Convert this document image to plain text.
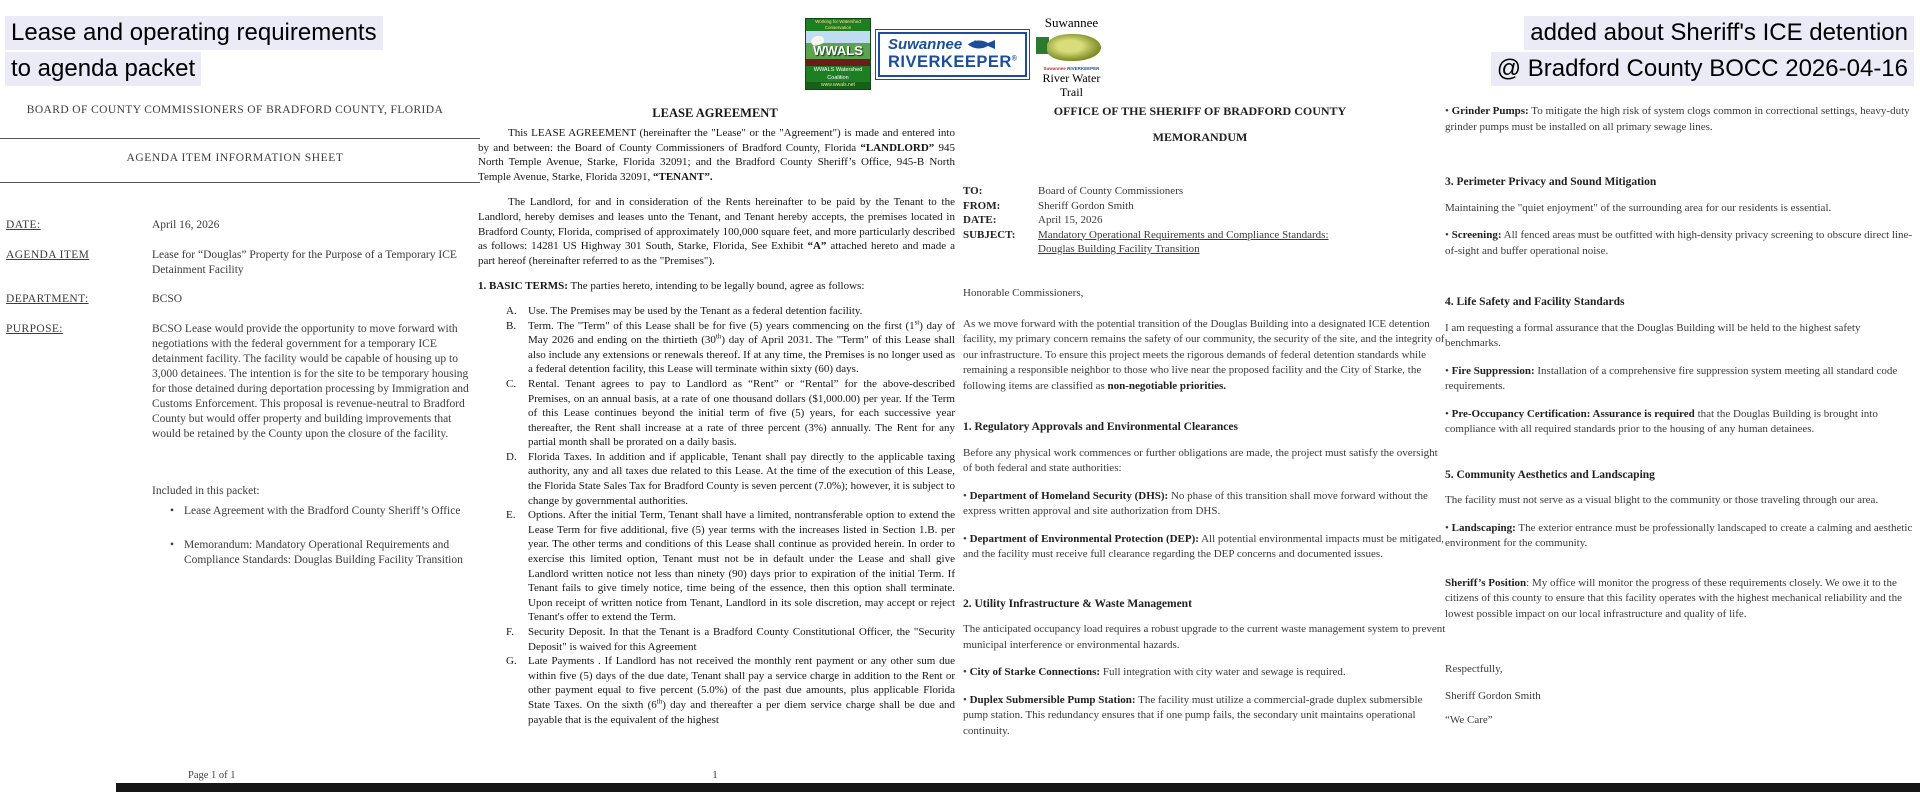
Lease and operating requirements
to agenda packet
added about Sheriff's ICE detention
@ Bradford County BOCC 2026-04-16
Working for Watershed Conservation
WWALS
WWALS Watershed Coalition
www.wwals.net
Suwannee
RIVERKEEPER®
Suwannee
Suwannee RIVERKEEPER
River Water Trail
BOARD OF COUNTY COMMISSIONERS OF BRADFORD COUNTY, FLORIDA
AGENDA ITEM INFORMATION SHEET
DATE:	April 16, 2026
AGENDA ITEM	Lease for “Douglas” Property for the Purpose of a Temporary ICE Detainment Facility
DEPARTMENT:	BCSO
PURPOSE:	BCSO Lease would provide the opportunity to move forward with negotiations with the federal government for a temporary ICE detainment facility. The facility would be capable of housing up to 3,000 detainees. The intention is for the site to be temporary housing for those detained during deportation processing by Immigration and Customs Enforcement. This proposal is revenue-neutral to Bradford County but would offer property and building improvements that would be retained by the County upon the closure of the facility.
Included in this packet:
• Lease Agreement with the Bradford County Sheriff’s Office
• Memorandum: Mandatory Operational Requirements and Compliance Standards: Douglas Building Facility Transition
Page 1 of 1
LEASE AGREEMENT

This LEASE AGREEMENT (hereinafter the "Lease" or the "Agreement") is made and entered into by and between: the Board of County Commissioners of Bradford County, Florida “LANDLORD” 945 North Temple Avenue, Starke, Florida 32091; and the Bradford County Sheriff’s Office, 945-B North Temple Avenue, Starke, Florida 32091, “TENANT”.

The Landlord, for and in consideration of the Rents hereinafter to be paid by the Tenant to the Landlord, hereby demises and leases unto the Tenant, and Tenant hereby accepts, the premises located in Bradford County, Florida, comprised of approximately 100,000 square feet, and more particularly described as follows: 14281 US Highway 301 South, Starke, Florida, See Exhibit “A” attached hereto and made a part hereof (hereinafter referred to as the "Premises").

1. BASIC TERMS: The parties hereto, intending to be legally bound, agree as follows:

A. Use. The Premises may be used by the Tenant as a federal detention facility.
B. Term. The "Term" of this Lease shall be for five (5) years commencing on the first (1st) day of May 2026 and ending on the thirtieth (30th) day of April 2031. The "Term" of this Lease shall also include any extensions or renewals thereof. If at any time, the Premises is no longer used as a federal detention facility, this Lease will terminate within sixty (60) days.
C. Rental. Tenant agrees to pay to Landlord as “Rent” or “Rental” for the above-described Premises, on an annual basis, at a rate of one thousand dollars ($1,000.00) per year. If the Term of this Lease continues beyond the initial term of five (5) years, for each successive year thereafter, the Rent shall increase at a rate of three percent (3%) annually. The Rent for any partial month shall be prorated on a daily basis.
D. Florida Taxes. In addition and if applicable, Tenant shall pay directly to the applicable taxing authority, any and all taxes due related to this Lease. At the time of the execution of this Lease, the Florida State Sales Tax for Bradford County is seven percent (7.0%); however, it is subject to change by governmental authorities.
E. Options. After the initial Term, Tenant shall have a limited, nontransferable option to extend the Lease Term for five additional, five (5) year terms with the increases listed in Section 1.B. per year. The other terms and conditions of this Lease shall continue as provided herein. In order to exercise this limited option, Tenant must not be in default under the Lease and shall give Landlord written notice not less than ninety (90) days prior to expiration of the initial Term. If Tenant fails to give timely notice, time being of the essence, then this option shall terminate. Upon receipt of written notice from Tenant, Landlord in its sole discretion, may accept or reject Tenant's offer to extend the Term.
F. Security Deposit. In that the Tenant is a Bradford County Constitutional Officer, the "Security Deposit" is waived for this Agreement
G. Late Payments . If Landlord has not received the monthly rent payment or any other sum due within five (5) days of the due date, Tenant shall pay a service charge in addition to the Rent or other payment equal to five percent (5.0%) of the past due amounts, plus applicable Florida State Taxes. On the sixth (6th) day and thereafter a per diem service charge shall be due and payable that is the equivalent of the highest
1
OFFICE OF THE SHERIFF OF BRADFORD COUNTY
MEMORANDUM
TO:	Board of County Commissioners
FROM:	Sheriff Gordon Smith
DATE:	April 15, 2026
SUBJECT: Mandatory Operational Requirements and Compliance Standards:
Douglas Building Facility Transition

Honorable Commissioners,

As we move forward with the potential transition of the Douglas Building into a designated ICE detention facility, my primary concern remains the safety of our community, the security of the site, and the integrity of our infrastructure. To ensure this project meets the rigorous demands of federal detention standards while remaining a responsible neighbor to those who live near the proposed facility and the City of Starke, the following items are classified as non-negotiable priorities.

1. Regulatory Approvals and Environmental Clearances

Before any physical work commences or further obligations are made, the project must satisfy the oversight of both federal and state authorities:

• Department of Homeland Security (DHS): No phase of this transition shall move forward without the express written approval and site authorization from DHS.

• Department of Environmental Protection (DEP): All potential environmental impacts must be mitigated, and the facility must receive full clearance regarding the DEP concerns and documented issues.

2. Utility Infrastructure & Waste Management

The anticipated occupancy load requires a robust upgrade to the current waste management system to prevent municipal interference or environmental hazards.

• City of Starke Connections: Full integration with city water and sewage is required.

• Duplex Submersible Pump Station: The facility must utilize a commercial-grade duplex submersible pump station. This redundancy ensures that if one pump fails, the secondary unit maintains operational continuity.

• Grinder Pumps: To mitigate the high risk of system clogs common in correctional settings, heavy-duty grinder pumps must be installed on all primary sewage lines.

3. Perimeter Privacy and Sound Mitigation

Maintaining the "quiet enjoyment" of the surrounding area for our residents is essential.

• Screening: All fenced areas must be outfitted with high-density privacy screening to obscure direct line-of-sight and buffer operational noise.

4. Life Safety and Facility Standards

I am requesting a formal assurance that the Douglas Building will be held to the highest safety benchmarks.

• Fire Suppression: Installation of a comprehensive fire suppression system meeting all standard code requirements.

• Pre-Occupancy Certification: Assurance is required that the Douglas Building is brought into compliance with all required standards prior to the housing of any human detainees.

5. Community Aesthetics and Landscaping

The facility must not serve as a visual blight to the community or those traveling through our area.

• Landscaping: The exterior entrance must be professionally landscaped to create a calming and aesthetic environment for the community.

Sheriff’s Position: My office will monitor the progress of these requirements closely. We owe it to the citizens of this county to ensure that this facility operates with the highest mechanical reliability and the lowest possible impact on our local infrastructure and quality of life.

Respectfully,

Sheriff Gordon Smith

“We Care”
